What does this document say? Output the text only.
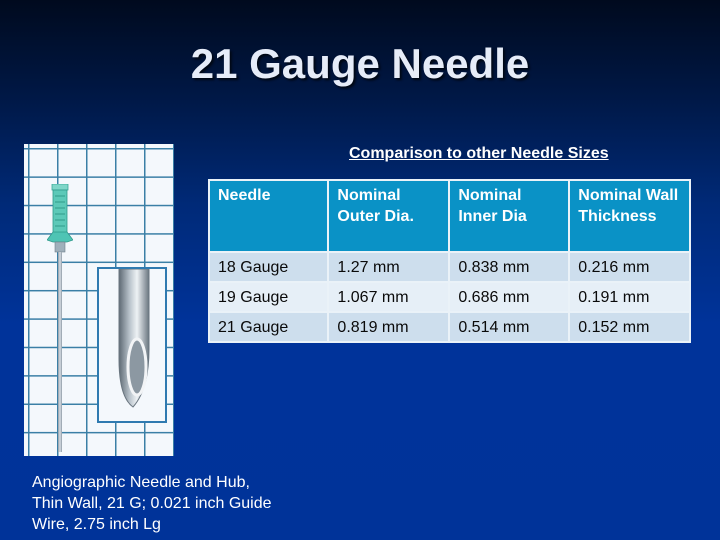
21 Gauge Needle
Angiographic Needle and Hub, Thin Wall, 21 G; 0.021 inch Guide Wire, 2.75 inch Lg
Comparison to other Needle Sizes
Needle	Nominal Outer Dia.	Nominal Inner Dia	Nominal Wall Thickness
18 Gauge	1.27 mm	0.838 mm	0.216 mm
19 Gauge	1.067 mm	0.686 mm	0.191 mm
21 Gauge	0.819 mm	0.514 mm	0.152 mm
